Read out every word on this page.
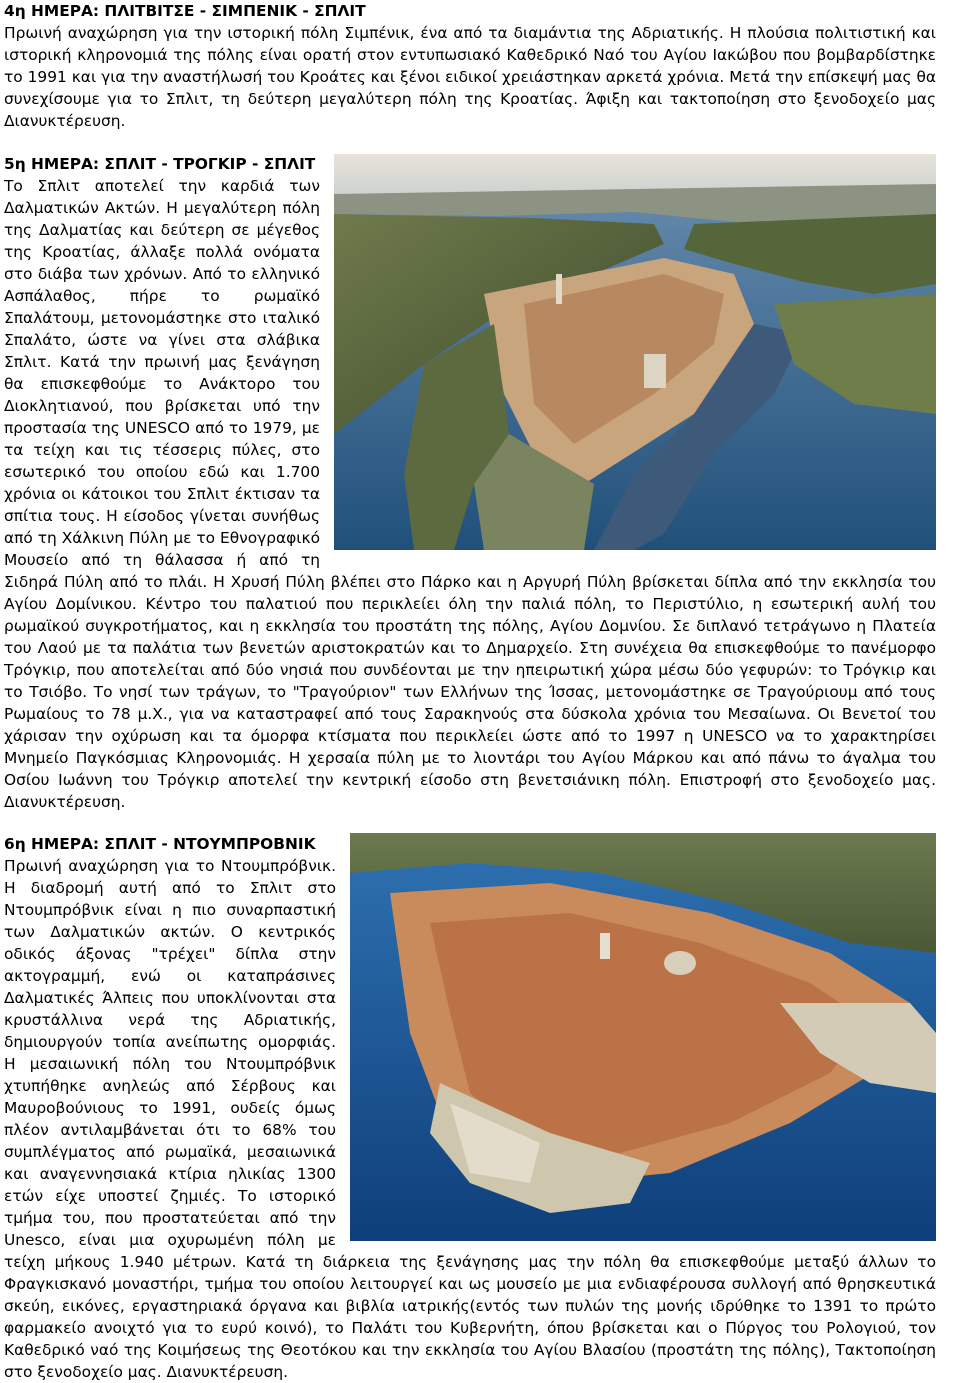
4η ΗΜΕΡΑ: ΠΛΙΤΒΙΤΣΕ - ΣΙΜΠΕΝΙΚ - ΣΠΛΙΤ

Πρωινή αναχώρηση για την ιστορική πόλη Σιμπένικ, ένα από τα διαμάντια της Αδριατικής. Η πλούσια πολιτιστική και ιστορική κληρονομιά της πόλης είναι ορατή στον εντυπωσιακό Καθεδρικό Ναό του Αγίου Ιακώβου που βομβαρδίστηκε το 1991 και για την αναστήλωσή του Κροάτες και ξένοι ειδικοί χρειάστηκαν αρκετά χρόνια. Μετά την επίσκεψή μας θα συνεχίσουμε για το Σπλιτ, τη δεύτερη μεγαλύτερη πόλη της Κροατίας. Άφιξη και τακτοποίηση στο ξενοδοχείο μας Διανυκτέρευση.

5η ΗΜΕΡΑ: ΣΠΛΙΤ - ΤΡΟΓΚΙΡ - ΣΠΛΙΤ

Το Σπλιτ αποτελεί την καρδιά των Δαλματικών Ακτών. Η μεγαλύτερη πόλη της Δαλματίας και δεύτερη σε μέγεθος της Κροατίας, άλλαξε πολλά ονόματα στο διάβα των χρόνων. Από το ελληνικό Ασπάλαθος, πήρε το ρωμαϊκό Σπαλάτουμ, μετονομάστηκε στο ιταλικό Σπαλάτο, ώστε να γίνει στα σλάβικα Σπλιτ. Κατά την πρωινή μας ξενάγηση θα επισκεφθούμε το Ανάκτορο του Διοκλητιανού, που βρίσκεται υπό την προστασία της UNESCO από το 1979, με τα τείχη και τις τέσσερις πύλες, στο εσωτερικό του οποίου εδώ και 1.700 χρόνια οι κάτοικοι του Σπλιτ έκτισαν τα σπίτια τους. Η είσοδος γίνεται συνήθως από τη Χάλκινη Πύλη με το Εθνογραφικό Μουσείο από τη θάλασσα ή από τη Σιδηρά Πύλη από το πλάι. Η Χρυσή Πύλη βλέπει στο Πάρκο και η Αργυρή Πύλη βρίσκεται δίπλα από την εκκλησία του Αγίου Δομίνικου. Κέντρο του παλατιού που περικλείει όλη την παλιά πόλη, το Περιστύλιο, η εσωτερική αυλή του ρωμαϊκού συγκροτήματος, και η εκκλησία του προστάτη της πόλης, Αγίου Δομνίου. Σε διπλανό τετράγωνο η Πλατεία του Λαού με τα παλάτια των βενετών αριστοκρατών και το Δημαρχείο. Στη συνέχεια θα επισκεφθούμε το πανέμορφο Τρόγκιρ, που αποτελείται από δύο νησιά που συνδέονται με την ηπειρωτική χώρα μέσω δύο γεφυρών: το Τρόγκιρ και το Τσιόβο. Το νησί των τράγων, το "Τραγούριον" των Ελλήνων της Ίσσας, μετονομάστηκε σε Τραγούριουμ από τους Ρωμαίους το 78 μ.Χ., για να καταστραφεί από τους Σαρακηνούς στα δύσκολα χρόνια του Μεσαίωνα. Οι Βενετοί του χάρισαν την οχύρωση και τα όμορφα κτίσματα που περικλείει ώστε από το 1997 η UNESCO να το χαρακτηρίσει Μνημείο Παγκόσμιας Κληρονομιάς. Η χερσαία πύλη με το λιοντάρι του Αγίου Μάρκου και από πάνω το άγαλμα του Οσίου Ιωάννη του Τρόγκιρ αποτελεί την κεντρική είσοδο στη βενετσιάνικη πόλη. Επιστροφή στο ξενοδοχείο μας. Διανυκτέρευση.

6η ΗΜΕΡΑ: ΣΠΛΙΤ - ΝΤΟΥΜΠΡΟΒΝΙΚ

Πρωινή αναχώρηση για το Ντουμπρόβνικ. Η διαδρομή αυτή από το Σπλιτ στο Ντουμπρόβνικ είναι η πιο συναρπαστική των Δαλματικών ακτών. Ο κεντρικός οδικός άξονας "τρέχει" δίπλα στην ακτογραμμή, ενώ οι καταπράσινες Δαλματικές Άλπεις που υποκλίνονται στα κρυστάλλινα νερά της Αδριατικής, δημιουργούν τοπία ανείπωτης ομορφιάς. Η μεσαιωνική πόλη του Ντουμπρόβνικ χτυπήθηκε ανηλεώς από Σέρβους και Μαυροβούνιους το 1991, ουδείς όμως πλέον αντιλαμβάνεται ότι το 68% του συμπλέγματος από ρωμαϊκά, μεσαιωνικά και αναγεννησιακά κτίρια ηλικίας 1300 ετών είχε υποστεί ζημιές. Το ιστορικό τμήμα του, που προστατεύεται από την Unesco, είναι μια οχυρωμένη πόλη με τείχη μήκους 1.940 μέτρων. Κατά τη διάρκεια της ξενάγησης μας την πόλη θα επισκεφθούμε μεταξύ άλλων το Φραγκισκανό μοναστήρι, τμήμα του οποίου λειτουργεί και ως μουσείο με μια ενδιαφέρουσα συλλογή από θρησκευτικά σκεύη, εικόνες, εργαστηριακά όργανα και βιβλία ιατρικής(εντός των πυλών της μονής ιδρύθηκε το 1391 το πρώτο φαρμακείο ανοιχτό για το ευρύ κοινό), το Παλάτι του Κυβερνήτη, όπου βρίσκεται και ο Πύργος του Ρολογιού, τον Καθεδρικό ναό της Κοιμήσεως της Θεοτόκου και την εκκλησία του Αγίου Βλασίου (προστάτη της πόλης), Τακτοποίηση στο ξενοδοχείο μας. Διανυκτέρευση.
